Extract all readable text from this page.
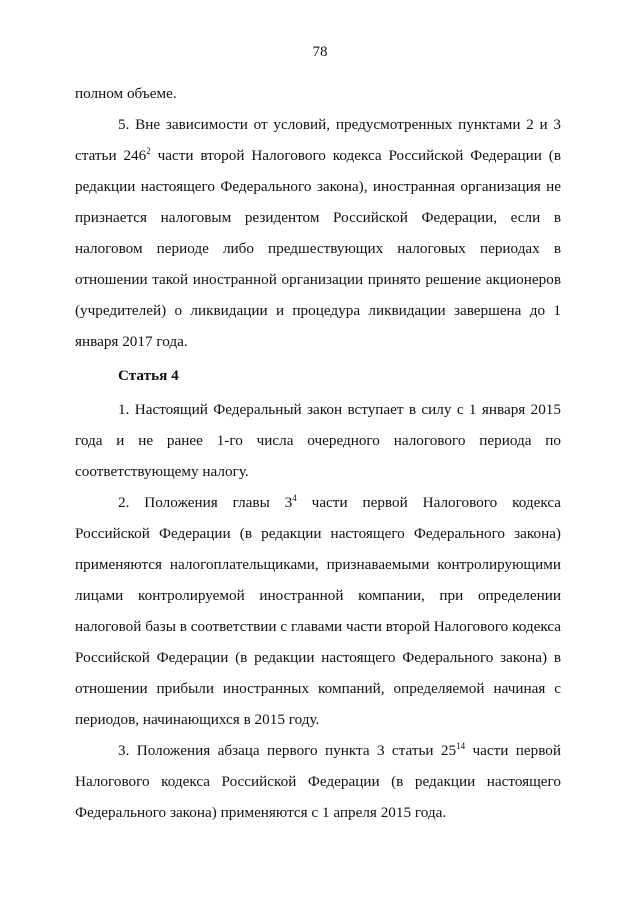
78

полном объеме.

5. Вне зависимости от условий, предусмотренных пунктами 2 и 3 статьи $246^2$ части второй Налогового кодекса Российской Федерации (в редакции настоящего Федерального закона), иностранная организация не признается налоговым резидентом Российской Федерации, если в налоговом периоде либо предшествующих налоговых периодах в отношении такой иностранной организации принято решение акционеров (учредителей) о ликвидации и процедура ликвидации завершена до 1 января 2017 года.

Статья 4

1. Настоящий Федеральный закон вступает в силу с 1 января 2015 года и не ранее 1-го числа очередного налогового периода по соответствующему налогу.

2. Положения главы $3^4$ части первой Налогового кодекса Российской Федерации (в редакции настоящего Федерального закона) применяются налогоплательщиками, признаваемыми контролирующими лицами контролируемой иностранной компании, при определении налоговой базы в соответствии с главами части второй Налогового кодекса Российской Федерации (в редакции настоящего Федерального закона) в отношении прибыли иностранных компаний, определяемой начиная с периодов, начинающихся в 2015 году.

3. Положения абзаца первого пункта 3 статьи $25^{14}$ части первой Налогового кодекса Российской Федерации (в редакции настоящего Федерального закона) применяются с 1 апреля 2015 года.
